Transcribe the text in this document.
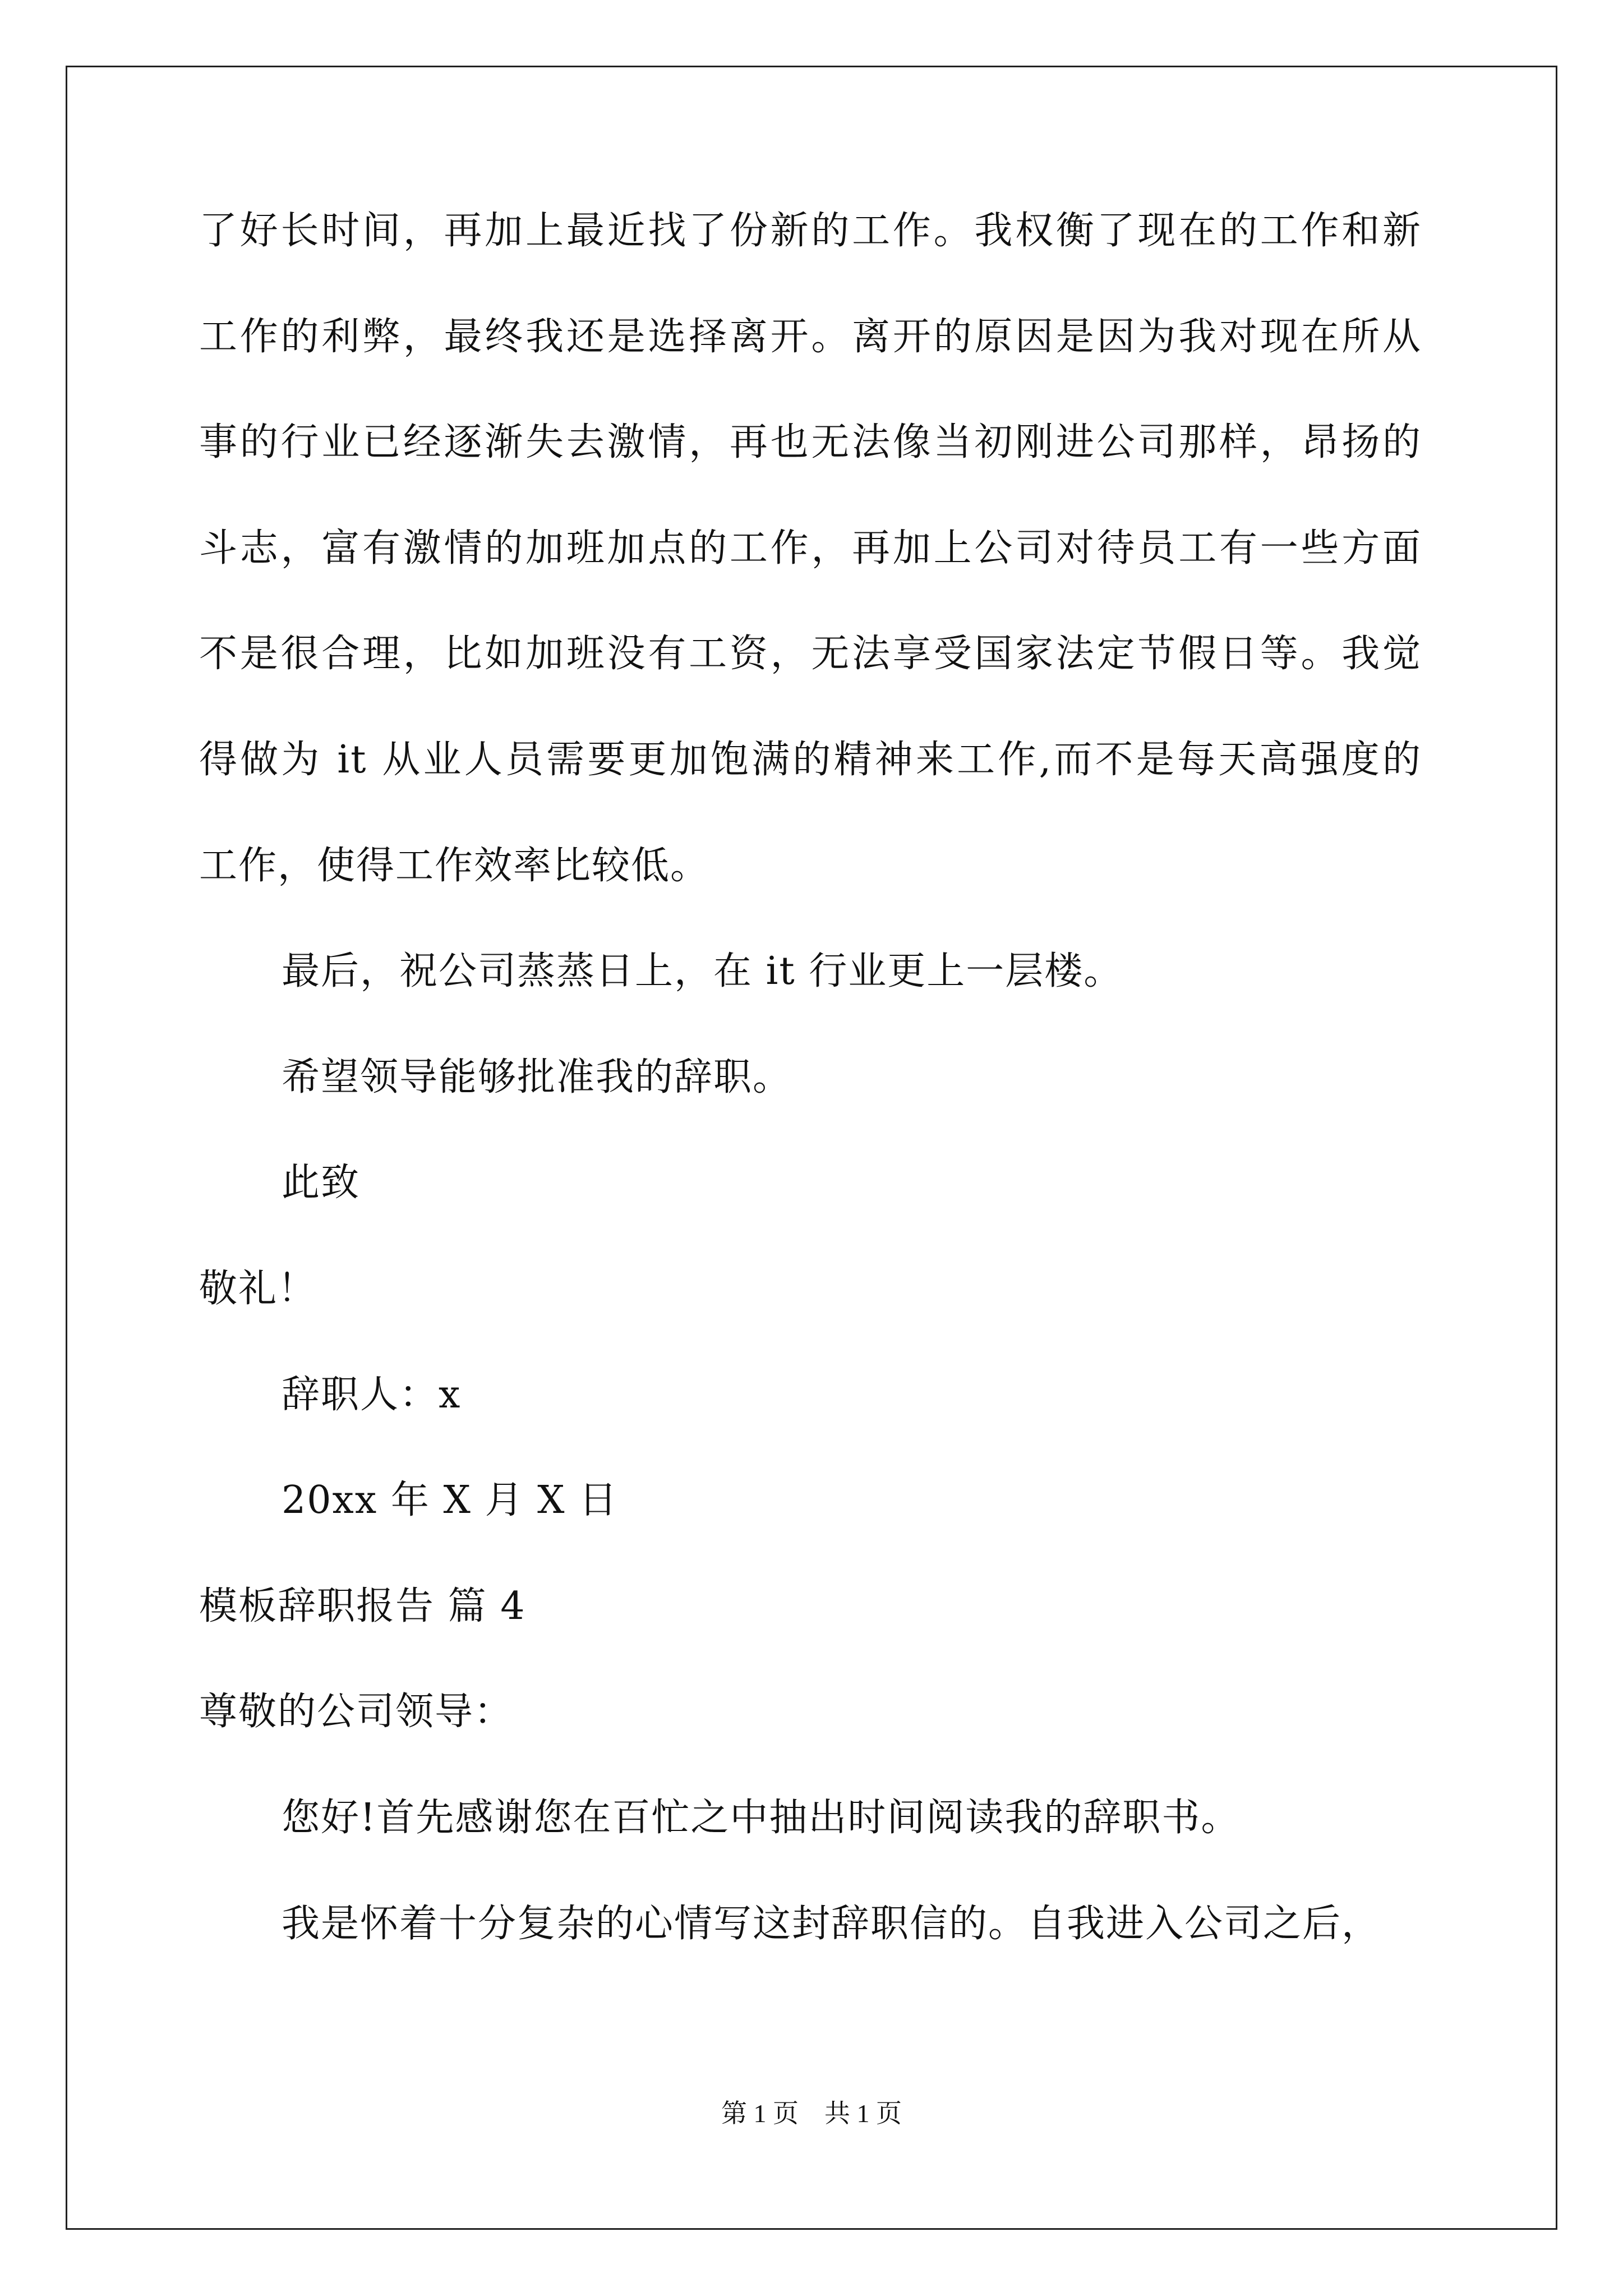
了好长时间，再加上最近找了份新的工作。我权衡了现在的工作和新
工作的利弊，最终我还是选择离开。离开的原因是因为我对现在所从
事的行业已经逐渐失去激情，再也无法像当初刚进公司那样，昂扬的
斗志，富有激情的加班加点的工作，再加上公司对待员工有一些方面
不是很合理，比如加班没有工资，无法享受国家法定节假日等。我觉
得做为 it 从业人员需要更加饱满的精神来工作,而不是每天高强度的
工作，使得工作效率比较低。
最后，祝公司蒸蒸日上，在 it 行业更上一层楼。
希望领导能够批准我的辞职。
此致
敬礼！
辞职人：x
20xx 年 X 月 X 日
模板辞职报告 篇 4
尊敬的公司领导：
您好!首先感谢您在百忙之中抽出时间阅读我的辞职书。
我是怀着十分复杂的心情写这封辞职信的。自我进入公司之后，
第 1 页    共 1 页
